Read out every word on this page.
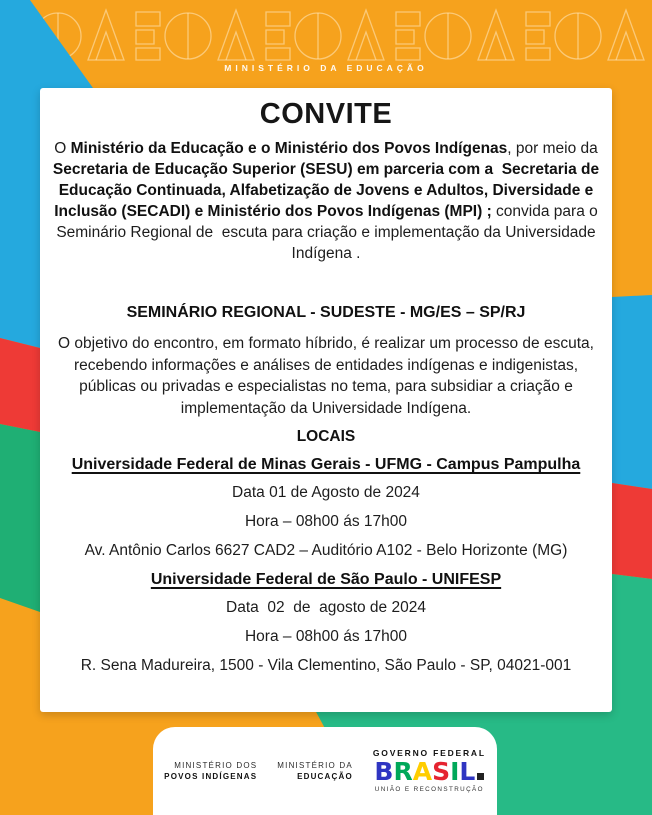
MINISTÉRIO DA EDUCAÇÃO
CONVITE

O Ministério da Educação e o Ministério dos Povos Indígenas, por meio da Secretaria de Educação Superior (SESU) em parceria com a  Secretaria de Educação Continuada, Alfabetização de Jovens e Adultos, Diversidade e Inclusão (SECADI) e Ministério dos Povos Indígenas (MPI) ; convida para o Seminário Regional de  escuta para criação e implementação da Universidade Indígena .

SEMINÁRIO REGIONAL - SUDESTE - MG/ES – SP/RJ

O objetivo do encontro, em formato híbrido, é realizar um processo de escuta, recebendo informações e análises de entidades indígenas e indigenistas, públicas ou privadas e especialistas no tema, para subsidiar a criação e implementação da Universidade Indígena.

LOCAIS
Universidade Federal de Minas Gerais - UFMG - Campus Pampulha
Data 01 de Agosto de 2024
Hora – 08h00 ás 17h00
Av. Antônio Carlos 6627 CAD2 – Auditório A102 - Belo Horizonte (MG)
Universidade Federal de São Paulo - UNIFESP
Data  02  de  agosto de 2024
Hora – 08h00 ás 17h00
R. Sena Madureira, 1500 - Vila Clementino, São Paulo - SP, 04021-001
MINISTÉRIO DOS
POVOS INDÍGENAS
MINISTÉRIO DA
EDUCAÇÃO
GOVERNO FEDERAL
BRASIL
UNIÃO E RECONSTRUÇÃO
